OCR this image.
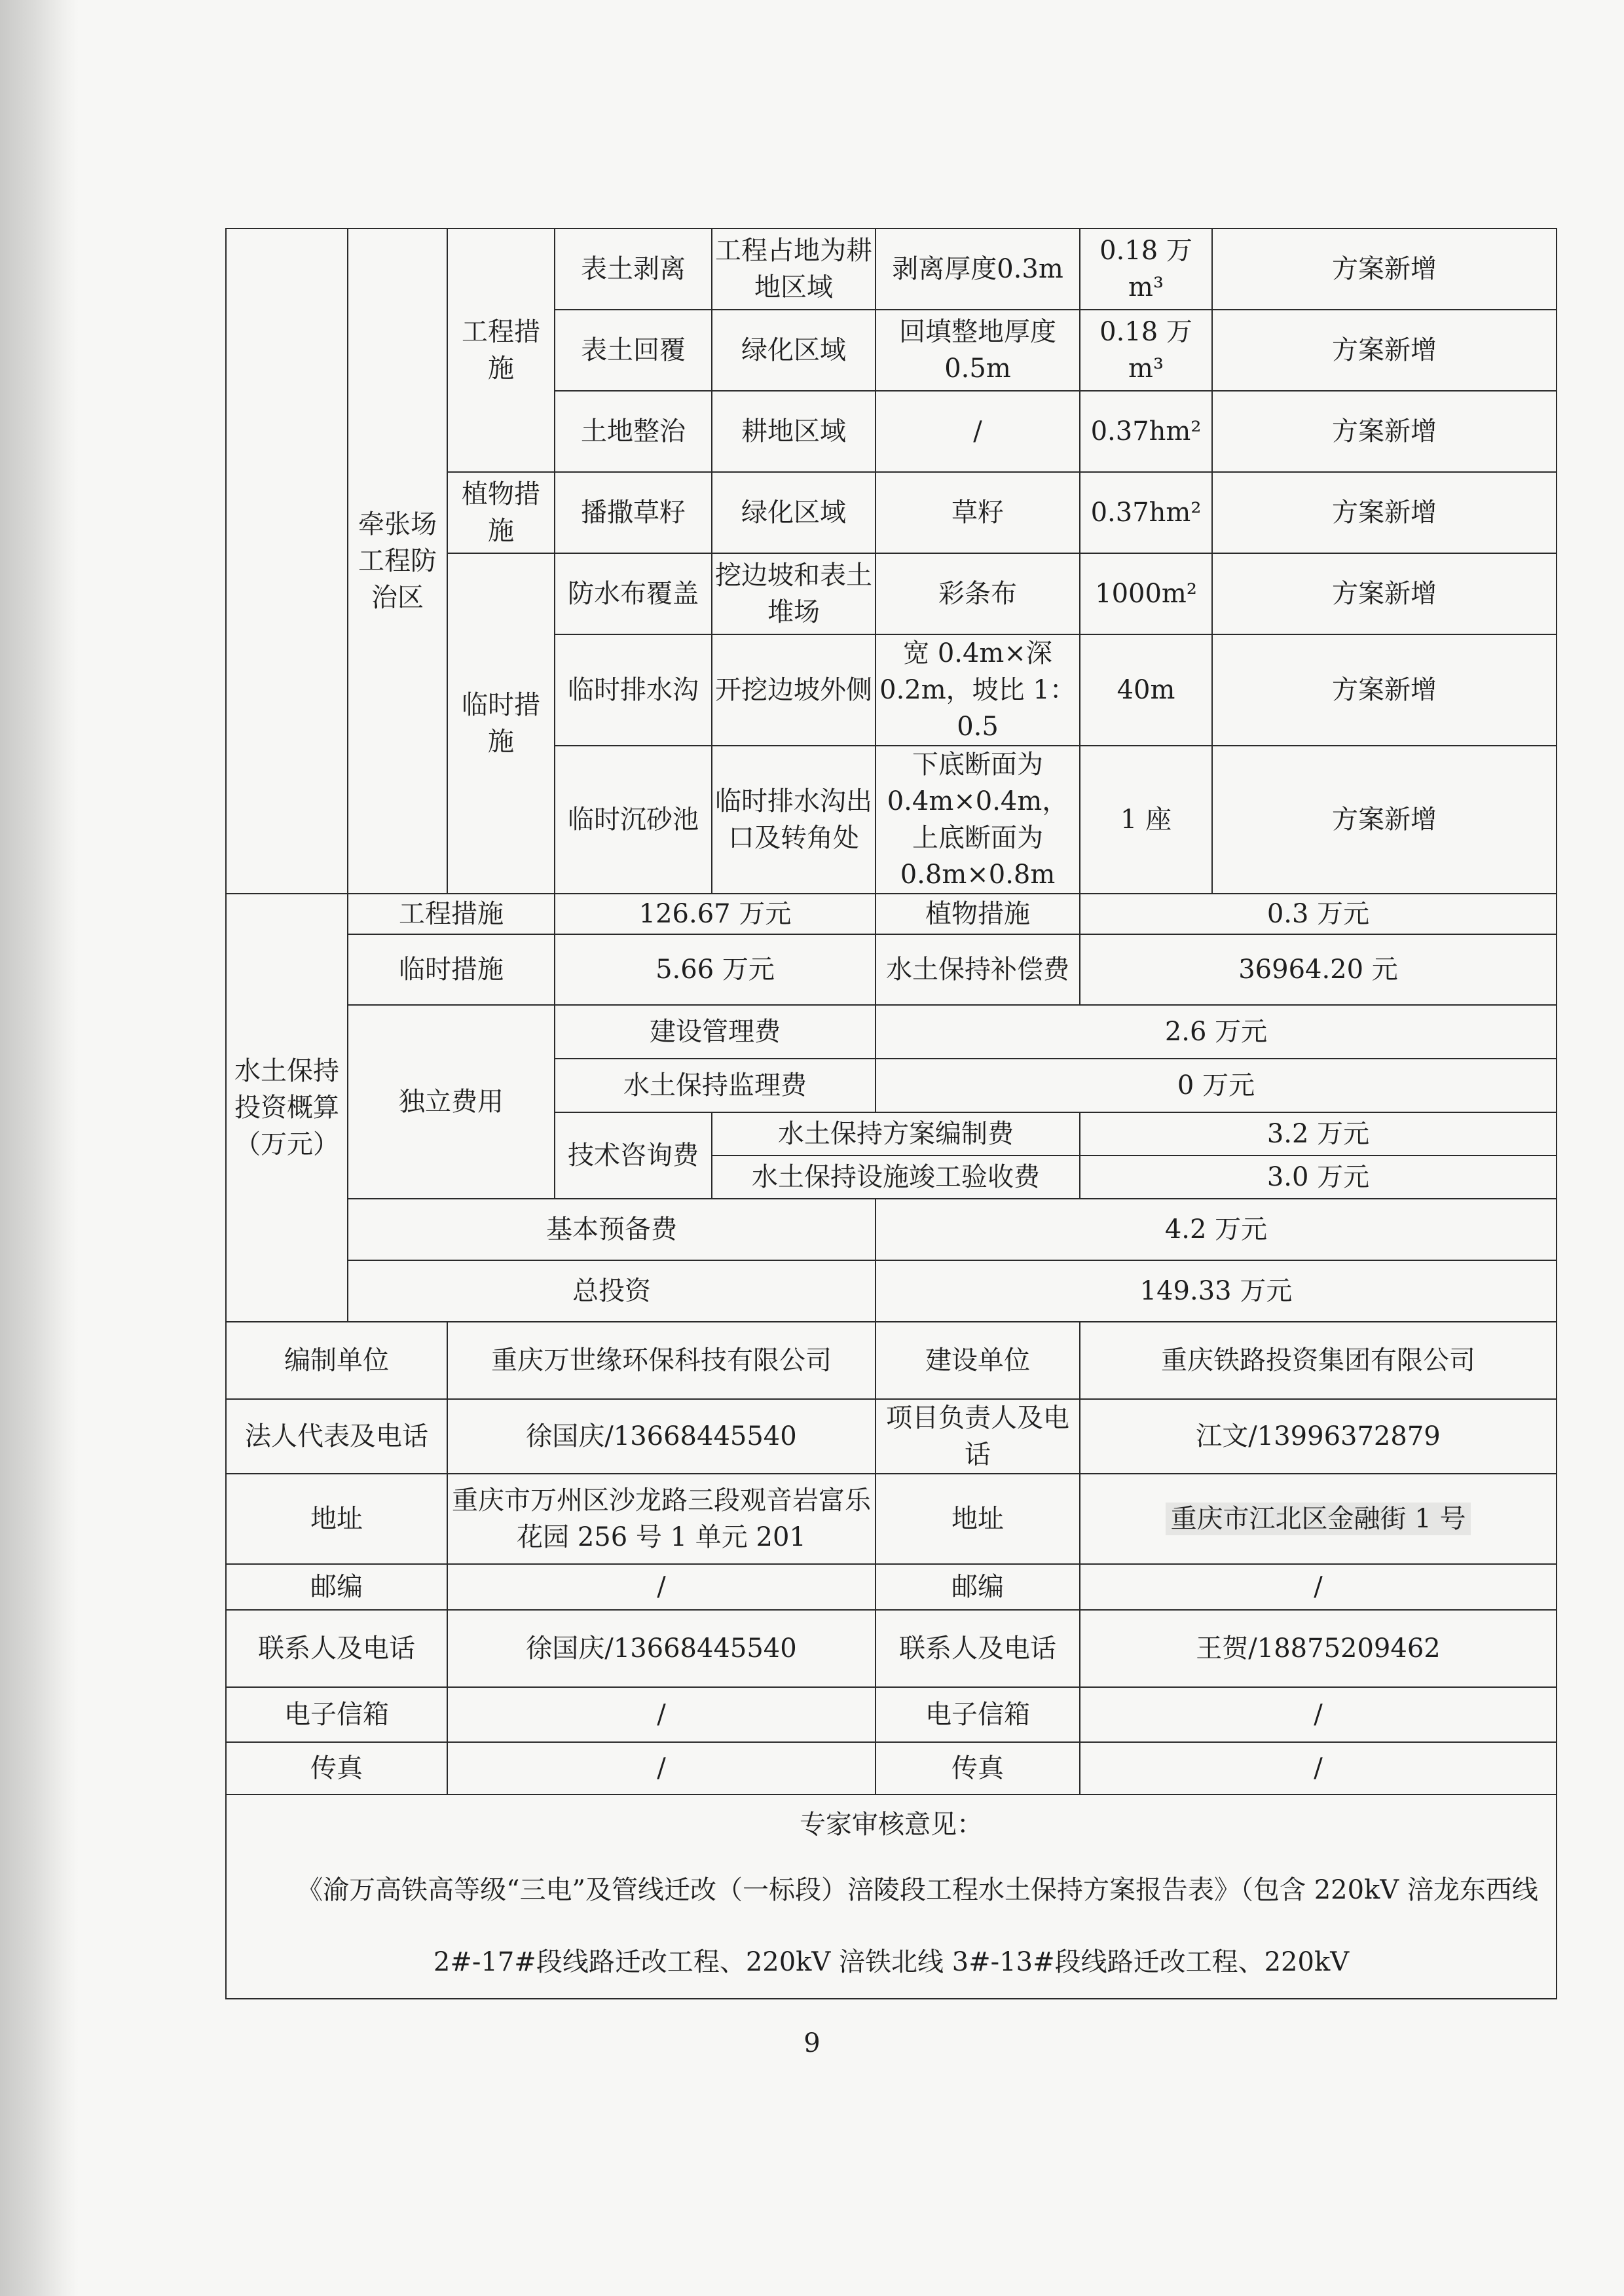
	牵张场工程防治区	工程措施	表土剥离	工程占地为耕地区域	剥离厚度0.3m	0.18 万 m³	方案新增
			表土回覆	绿化区域	回填整地厚度0.5m	0.18 万 m³	方案新增
			土地整治	耕地区域	/	0.37hm²	方案新增
		植物措施	播撒草籽	绿化区域	草籽	0.37hm²	方案新增
		临时措施	防水布覆盖	挖边坡和表土堆场	彩条布	1000m²	方案新增
			临时排水沟	开挖边坡外侧	宽 0.4m×深0.2m，坡比 1：0.5	40m	方案新增
			临时沉砂池	临时排水沟出口及转角处	下底断面为0.4m×0.4m，上底断面为0.8m×0.8m	1 座	方案新增
水土保持投资概算（万元）	工程措施		126.67 万元		植物措施	0.3 万元	
	临时措施		5.66 万元		水土保持补偿费	36964.20 元	
	独立费用		建设管理费		2.6 万元		
			水土保持监理费		0 万元		
			技术咨询费	水土保持方案编制费		3.2 万元	
				水土保持设施竣工验收费		3.0 万元	
	基本预备费				4.2 万元		
	总投资				149.33 万元		
编制单位		重庆万世缘环保科技有限公司			建设单位	重庆铁路投资集团有限公司	
法人代表及电话		徐国庆/13668445540			项目负责人及电话	江文/13996372879	
地址		重庆市万州区沙龙路三段观音岩富乐花园 256 号 1 单元 201			地址	重庆市江北区金融街 1 号	
邮编		/			邮编	/	
联系人及电话		徐国庆/13668445540			联系人及电话	王贺/18875209462	
电子信箱		/			电子信箱	/	
传真		/			传真	/	

专家审核意见：
《渝万高铁高等级“三电”及管线迁改（一标段）涪陵段工程水土保持方案报告表》（包含 220kV 涪龙东西线 2#-17#段线路迁改工程、220kV 涪铁北线 3#-13#段线路迁改工程、220kV							
9
